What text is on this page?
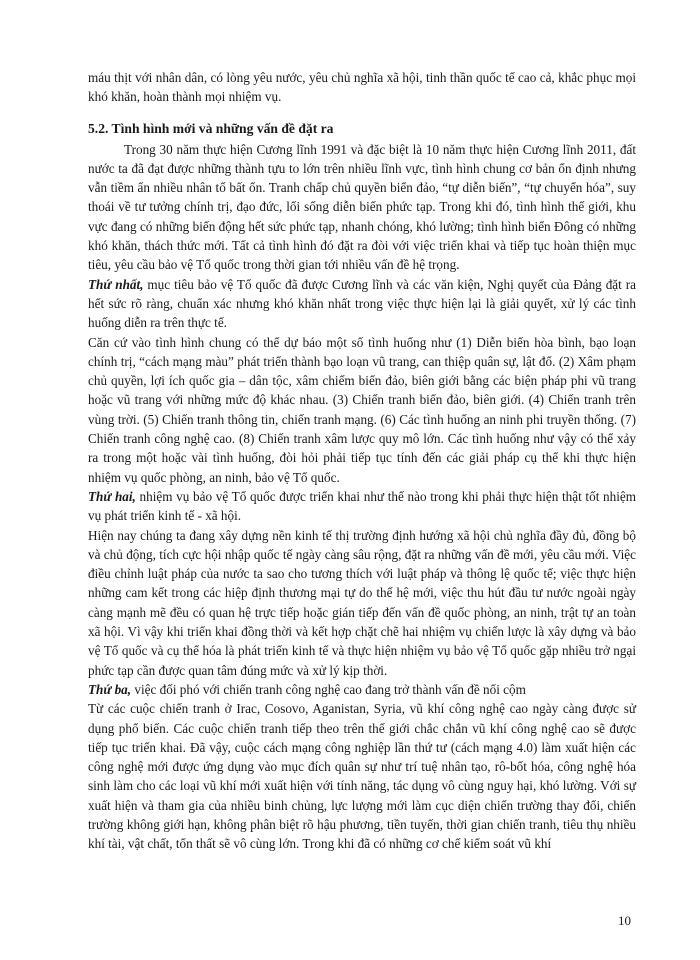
máu thịt với nhân dân, có lòng yêu nước, yêu chủ nghĩa xã hội, tinh thần quốc tế cao cả, khắc phục mọi khó khăn, hoàn thành mọi nhiệm vụ.

5.2. Tình hình mới và những vấn đề đặt ra

Trong 30 năm thực hiện Cương lĩnh 1991 và đặc biệt là 10 năm thực hiện Cương lĩnh 2011, đất nước ta đã đạt được những thành tựu to lớn trên nhiều lĩnh vực, tình hình chung cơ bản ổn định nhưng vẫn tiềm ẩn nhiều nhân tố bất ổn. Tranh chấp chủ quyền biển đảo, “tự diễn biến”, “tự chuyển hóa”, suy thoái về tư tưởng chính trị, đạo đức, lối sống diễn biến phức tạp. Trong khi đó, tình hình thế giới, khu vực đang có những biến động hết sức phức tạp, nhanh chóng, khó lường; tình hình biển Đông có những khó khăn, thách thức mới. Tất cả tình hình đó đặt ra đòi với việc triển khai và tiếp tục hoàn thiện mục tiêu, yêu cầu bảo vệ Tổ quốc trong thời gian tới nhiều vấn đề hệ trọng.

Thứ nhất, mục tiêu bảo vệ Tổ quốc đã được Cương lĩnh và các văn kiện, Nghị quyết của Đảng đặt ra hết sức rõ ràng, chuẩn xác nhưng khó khăn nhất trong việc thực hiện lại là giải quyết, xử lý các tình huống diễn ra trên thực tế.

Căn cứ vào tình hình chung có thể dự báo một số tình huống như (1) Diễn biến hòa bình, bạo loạn chính trị, “cách mạng màu” phát triển thành bạo loạn vũ trang, can thiệp quân sự, lật đổ. (2) Xâm phạm chủ quyền, lợi ích quốc gia – dân tộc, xâm chiếm biển đảo, biên giới bằng các biện pháp phi vũ trang hoặc vũ trang với những mức độ khác nhau. (3) Chiến tranh biển đảo, biên giới. (4) Chiến tranh trên vùng trời. (5) Chiến tranh thông tin, chiến tranh mạng. (6) Các tình huống an ninh phi truyền thống. (7) Chiến tranh công nghệ cao. (8) Chiến tranh xâm lược quy mô lớn. Các tình huống như vậy có thể xảy ra trong một hoặc vài tình huống, đòi hỏi phải tiếp tục tính đến các giải pháp cụ thể khi thực hiện nhiệm vụ quốc phòng, an ninh, bảo vệ Tổ quốc.

Thứ hai, nhiệm vụ bảo vệ Tổ quốc được triển khai như thế nào trong khi phải thực hiện thật tốt nhiệm vụ phát triển kinh tế - xã hội.

Hiện nay chúng ta đang xây dựng nền kinh tế thị trường định hướng xã hội chủ nghĩa đầy đủ, đồng bộ và chủ động, tích cực hội nhập quốc tế ngày càng sâu rộng, đặt ra những vấn đề mới, yêu cầu mới. Việc điều chỉnh luật pháp của nước ta sao cho tương thích với luật pháp và thông lệ quốc tế; việc thực hiện những cam kết trong các hiệp định thương mại tự do thế hệ mới, việc thu hút đầu tư nước ngoài ngày càng mạnh mẽ đều có quan hệ trực tiếp hoặc gián tiếp đến vấn đề quốc phòng, an ninh, trật tự an toàn xã hội. Vì vậy khi triển khai đồng thời và kết hợp chặt chẽ hai nhiệm vụ chiến lược là xây dựng và bảo vệ Tổ quốc và cụ thể hóa là phát triển kinh tế và thực hiện nhiệm vụ bảo vệ Tổ quốc gặp nhiều trở ngại phức tạp cần được quan tâm đúng mức và xử lý kịp thời.

Thứ ba, việc đối phó với chiến tranh công nghệ cao đang trở thành vấn đề nổi cộm

Từ các cuộc chiến tranh ở Irac, Cosovo, Aganistan, Syria, vũ khí công nghệ cao ngày càng được sử dụng phổ biến. Các cuộc chiến tranh tiếp theo trên thế giới chắc chắn vũ khí công nghệ cao sẽ được tiếp tục triển khai. Đã vậy, cuộc cách mạng công nghiệp lần thứ tư (cách mạng 4.0) làm xuất hiện các công nghệ mới được ứng dụng vào mục đích quân sự như trí tuệ nhân tạo, rô-bốt hóa, công nghệ hóa sinh làm cho các loại vũ khí mới xuất hiện với tính năng, tác dụng vô cùng nguy hại, khó lường. Với sự xuất hiện và tham gia của nhiều binh chủng, lực lượng mới làm cục diện chiến trường thay đổi, chiến trường không giới hạn, không phân biệt rõ hậu phương, tiền tuyến, thời gian chiến tranh, tiêu thụ nhiều khí tài, vật chất, tổn thất sẽ vô cùng lớn. Trong khi đã có những cơ chế kiểm soát vũ khí

10
